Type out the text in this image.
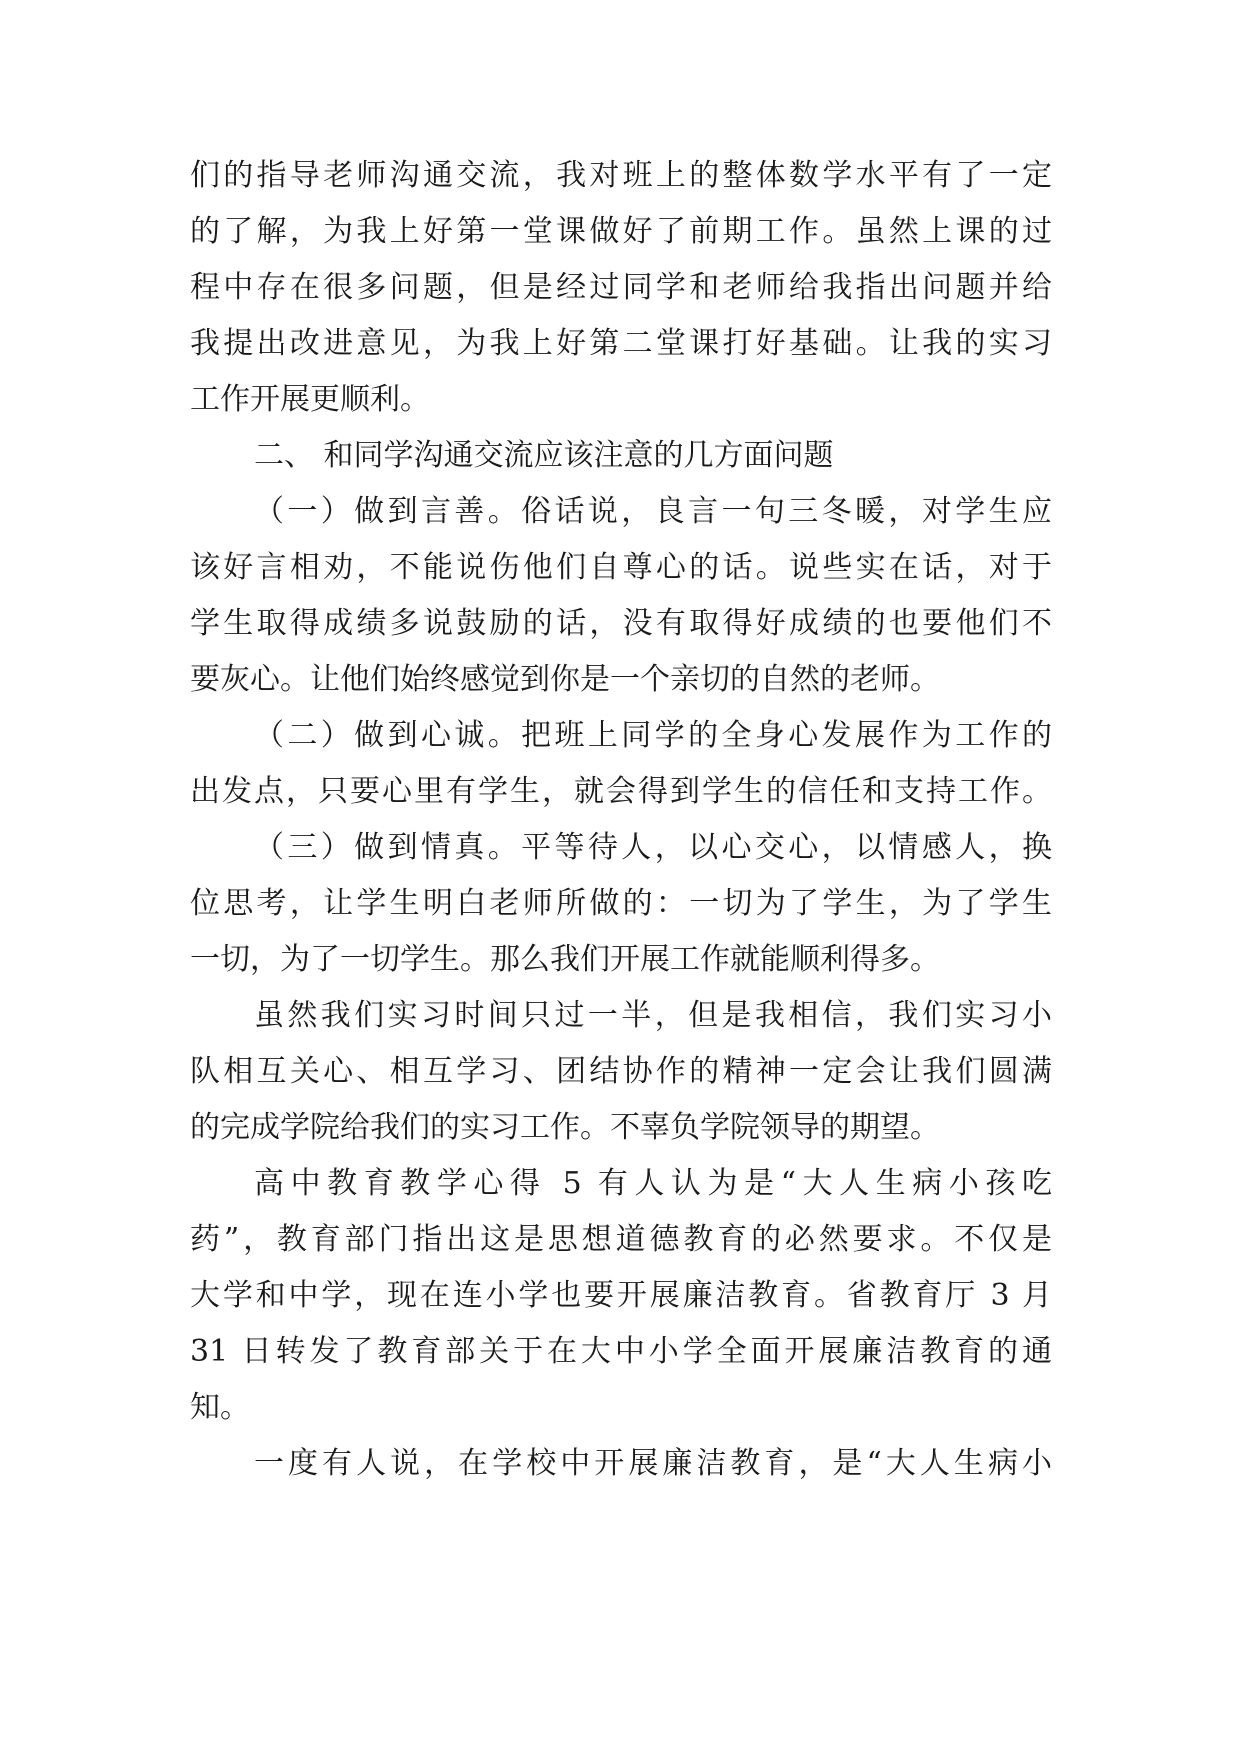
们的指导老师沟通交流，我对班上的整体数学水平有了一定
的了解，为我上好第一堂课做好了前期工作。虽然上课的过
程中存在很多问题，但是经过同学和老师给我指出问题并给
我提出改进意见，为我上好第二堂课打好基础。让我的实习
工作开展更顺利。
二、 和同学沟通交流应该注意的几方面问题
（一）做到言善。俗话说，良言一句三冬暖，对学生应
该好言相劝，不能说伤他们自尊心的话。说些实在话，对于
学生取得成绩多说鼓励的话，没有取得好成绩的也要他们不
要灰心。让他们始终感觉到你是一个亲切的自然的老师。
（二）做到心诚。把班上同学的全身心发展作为工作的
出发点，只要心里有学生，就会得到学生的信任和支持工作。
（三）做到情真。平等待人，以心交心，以情感人，换
位思考，让学生明白老师所做的：一切为了学生，为了学生
一切，为了一切学生。那么我们开展工作就能顺利得多。
虽然我们实习时间只过一半，但是我相信，我们实习小
队相互关心、相互学习、团结协作的精神一定会让我们圆满
的完成学院给我们的实习工作。不辜负学院领导的期望。
高中教育教学心得 5 有人认为是“大人生病小孩吃
药”，教育部门指出这是思想道德教育的必然要求。不仅是
大学和中学，现在连小学也要开展廉洁教育。省教育厅 3 月
31 日转发了教育部关于在大中小学全面开展廉洁教育的通
知。
一度有人说，在学校中开展廉洁教育，是“大人生病小
